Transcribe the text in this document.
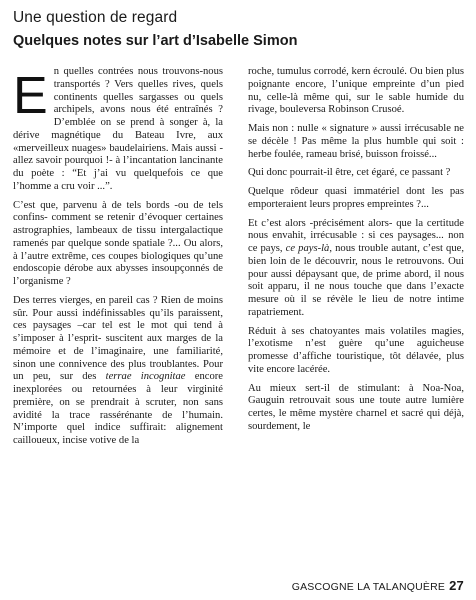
Une question de regard
Quelques notes sur l’art d’Isabelle Simon

En quelles contrées nous trouvons-nous transportés ? Vers quelles rives, quels continents quelles sargasses ou quels archipels, avons nous été entraînés ? D’emblée on se prend à songer à, la dérive magnétique du Bateau Ivre, aux «merveilleux nuages» baudelairiens. Mais aussi -allez savoir pourquoi !- à l’incantation lancinante du poète : “Et j’ai vu quelquefois ce que l’homme a cru voir ...”.

C’est que, parvenu à de tels bords -ou de tels confins- comment se retenir d’évoquer certaines astrographies, lambeaux de tissu intergalactique ramenés par quelque sonde spatiale ?... Ou alors, à l’autre extrême, ces coupes biologiques qu’une endoscopie dérobe aux abysses insoupçonnés de l’organisme ?

Des terres vierges, en pareil cas ? Rien de moins sûr. Pour aussi indéfinissables qu’ils paraissent, ces paysages –car tel est le mot qui tend à s’imposer à l’esprit- suscitent aux marges de la mémoire et de l’imaginaire, une familiarité, sinon une connivence des plus troublantes. Pour un peu, sur des terrae incognitae encore inexplorées ou retournées à leur virginité première, on se prendrait à scruter, non sans avidité la trace rassérénante de l’humain. N’importe quel indice suffirait: alignement cailloueux, incise votive de la

roche, tumulus corrodé, kern écroulé. Ou bien plus poignante encore, l’unique empreinte d’un pied nu, celle-là même qui, sur le sable humide du rivage, bouleversa Robinson Crusoé.

Mais non : nulle « signature » aussi irrécusable ne se décèle ! Pas même la plus humble qui soit : herbe foulée, rameau brisé, buisson froissé...

Qui donc pourrait-il être, cet égaré, ce passant ?

Quelque rôdeur quasi immatériel dont les pas emporteraient leurs propres empreintes ?...

Et c’est alors -précisément alors- que la certitude nous envahit, irrécusable : si ces paysages... non ce pays, ce pays-là, nous trouble autant, c’est que, bien loin de le découvrir, nous le retrouvons. Oui pour aussi dépaysant que, de prime abord, il nous soit apparu, il ne nous touche que dans l’exacte mesure où il se révèle le lieu de notre intime rapatriement.

Réduit à ses chatoyantes mais volatiles magies, l’exotisme n’est guère qu’une aguicheuse promesse d’affiche touristique, tôt délavée, plus vite encore lacérée.

Au mieux sert-il de stimulant: à Noa-Noa, Gauguin retrouvait sous une toute autre lumière certes, le même mystère charnel et sacré qui déjà, sourdement, le

GASCOGNE LA TALANQUÈRE 27
